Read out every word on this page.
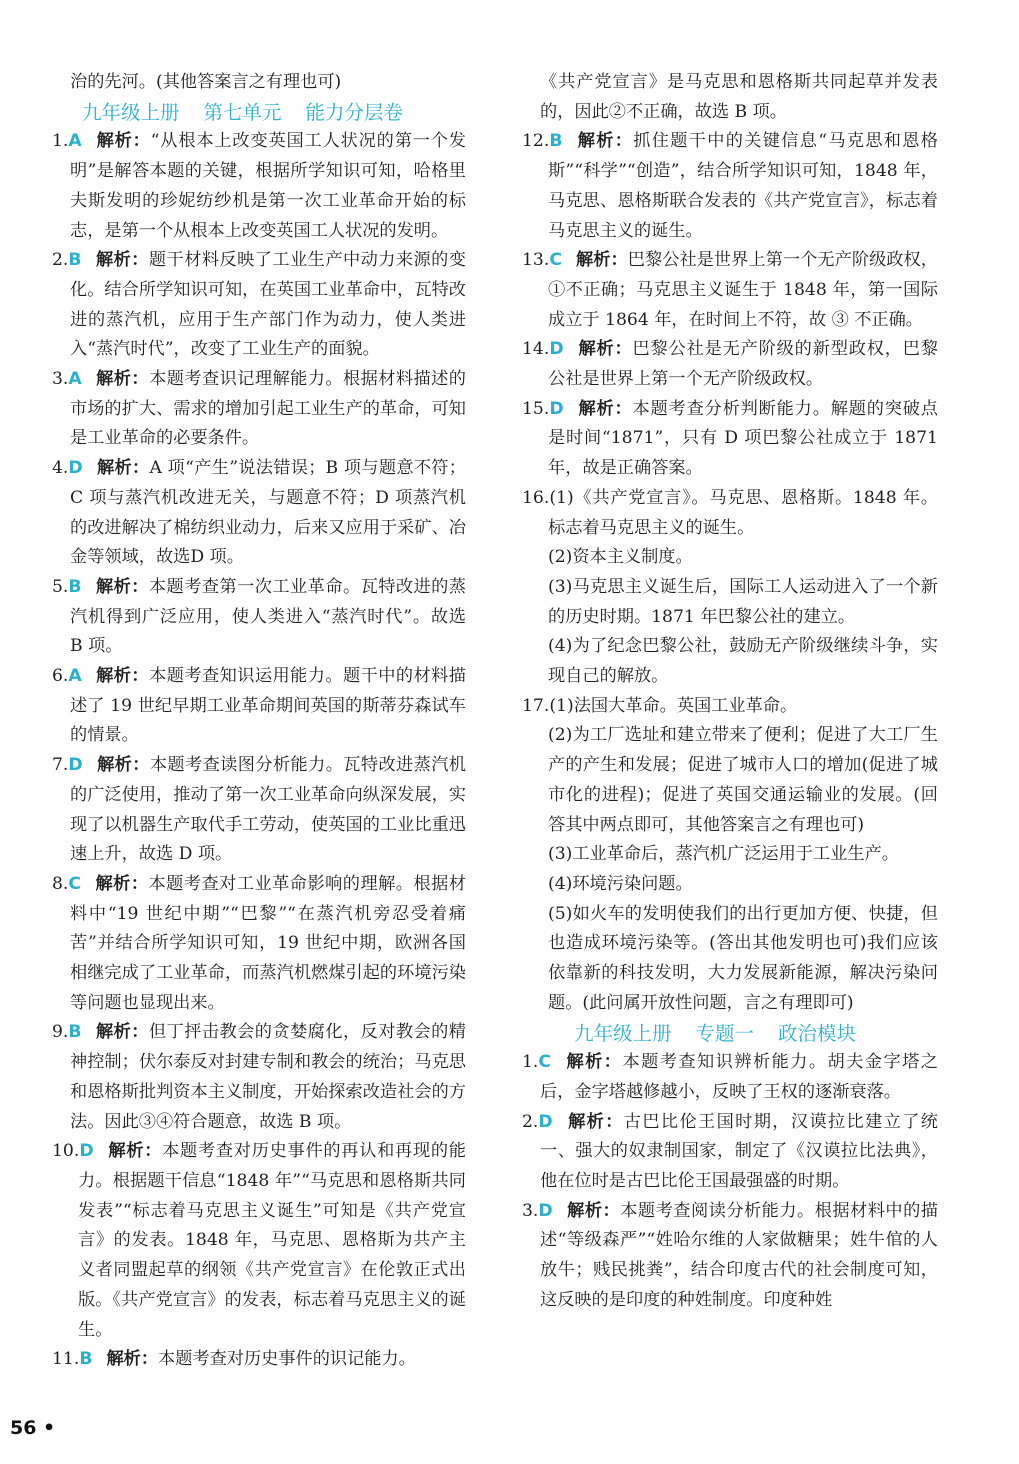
治的先河。(其他答案言之有理也可)

九年级上册 第七单元 能力分层卷

1.A 解析：“从根本上改变英国工人状况的第一个发明”是解答本题的关键，根据所学知识可知，哈格里夫斯发明的珍妮纺纱机是第一次工业革命开始的标志，是第一个从根本上改变英国工人状况的发明。

2.B 解析：题干材料反映了工业生产中动力来源的变化。结合所学知识可知，在英国工业革命中，瓦特改进的蒸汽机，应用于生产部门作为动力，使人类进入“蒸汽时代”，改变了工业生产的面貌。

3.A 解析：本题考查识记理解能力。根据材料描述的市场的扩大、需求的增加引起工业生产的革命，可知是工业革命的必要条件。

4.D 解析：A 项“产生”说法错误；B 项与题意不符；C 项与蒸汽机改进无关，与题意不符；D 项蒸汽机的改进解决了棉纺织业动力，后来又应用于采矿、冶金等领域，故选D 项。

5.B 解析：本题考查第一次工业革命。瓦特改进的蒸汽机得到广泛应用，使人类进入“蒸汽时代”。故选 B 项。

6.A 解析：本题考查知识运用能力。题干中的材料描述了 19 世纪早期工业革命期间英国的斯蒂芬森试车的情景。

7.D 解析：本题考查读图分析能力。瓦特改进蒸汽机的广泛使用，推动了第一次工业革命向纵深发展，实现了以机器生产取代手工劳动，使英国的工业比重迅速上升，故选 D 项。

8.C 解析：本题考查对工业革命影响的理解。根据材料中“19 世纪中期”“巴黎”“在蒸汽机旁忍受着痛苦”并结合所学知识可知，19 世纪中期，欧洲各国相继完成了工业革命，而蒸汽机燃煤引起的环境污染等问题也显现出来。

9.B 解析：但丁抨击教会的贪婪腐化，反对教会的精神控制；伏尔泰反对封建专制和教会的统治；马克思和恩格斯批判资本主义制度，开始探索改造社会的方法。因此③④符合题意，故选 B 项。

10.D 解析：本题考查对历史事件的再认和再现的能力。根据题干信息“1848 年”“马克思和恩格斯共同发表”“标志着马克思主义诞生”可知是《共产党宣言》的发表。1848 年，马克思、恩格斯为共产主义者同盟起草的纲领《共产党宣言》在伦敦正式出版。《共产党宣言》的发表，标志着马克思主义的诞生。

11.B 解析：本题考查对历史事件的识记能力。

《共产党宣言》是马克思和恩格斯共同起草并发表的，因此②不正确，故选 B 项。

12.B 解析：抓住题干中的关键信息“马克思和恩格斯”“科学”“创造”，结合所学知识可知，1848 年，马克思、恩格斯联合发表的《共产党宣言》，标志着马克思主义的诞生。

13.C 解析：巴黎公社是世界上第一个无产阶级政权，①不正确；马克思主义诞生于 1848 年，第一国际成立于 1864 年，在时间上不符，故 ③ 不正确。

14.D 解析：巴黎公社是无产阶级的新型政权，巴黎公社是世界上第一个无产阶级政权。

15.D 解析：本题考查分析判断能力。解题的突破点是时间“1871”，只有 D 项巴黎公社成立于 1871 年，故是正确答案。

16.(1)《共产党宣言》。马克思、恩格斯。1848 年。标志着马克思主义的诞生。

(2)资本主义制度。

(3)马克思主义诞生后，国际工人运动进入了一个新的历史时期。1871 年巴黎公社的建立。

(4)为了纪念巴黎公社，鼓励无产阶级继续斗争，实现自己的解放。

17.(1)法国大革命。英国工业革命。

(2)为工厂选址和建立带来了便利；促进了大工厂生产的产生和发展；促进了城市人口的增加(促进了城市化的进程)；促进了英国交通运输业的发展。(回答其中两点即可，其他答案言之有理也可)

(3)工业革命后，蒸汽机广泛运用于工业生产。

(4)环境污染问题。

(5)如火车的发明使我们的出行更加方便、快捷，但也造成环境污染等。(答出其他发明也可)我们应该依靠新的科技发明，大力发展新能源，解决污染问题。(此问属开放性问题，言之有理即可)

九年级上册 专题一 政治模块

1.C 解析：本题考查知识辨析能力。胡夫金字塔之后，金字塔越修越小，反映了王权的逐渐衰落。

2.D 解析：古巴比伦王国时期，汉谟拉比建立了统一、强大的奴隶制国家，制定了《汉谟拉比法典》，他在位时是古巴比伦王国最强盛的时期。

3.D 解析：本题考查阅读分析能力。根据材料中的描述“等级森严”“姓哈尔维的人家做糖果；姓牛倌的人放牛；贱民挑粪”，结合印度古代的社会制度可知，这反映的是印度的种姓制度。印度种姓

56 •
